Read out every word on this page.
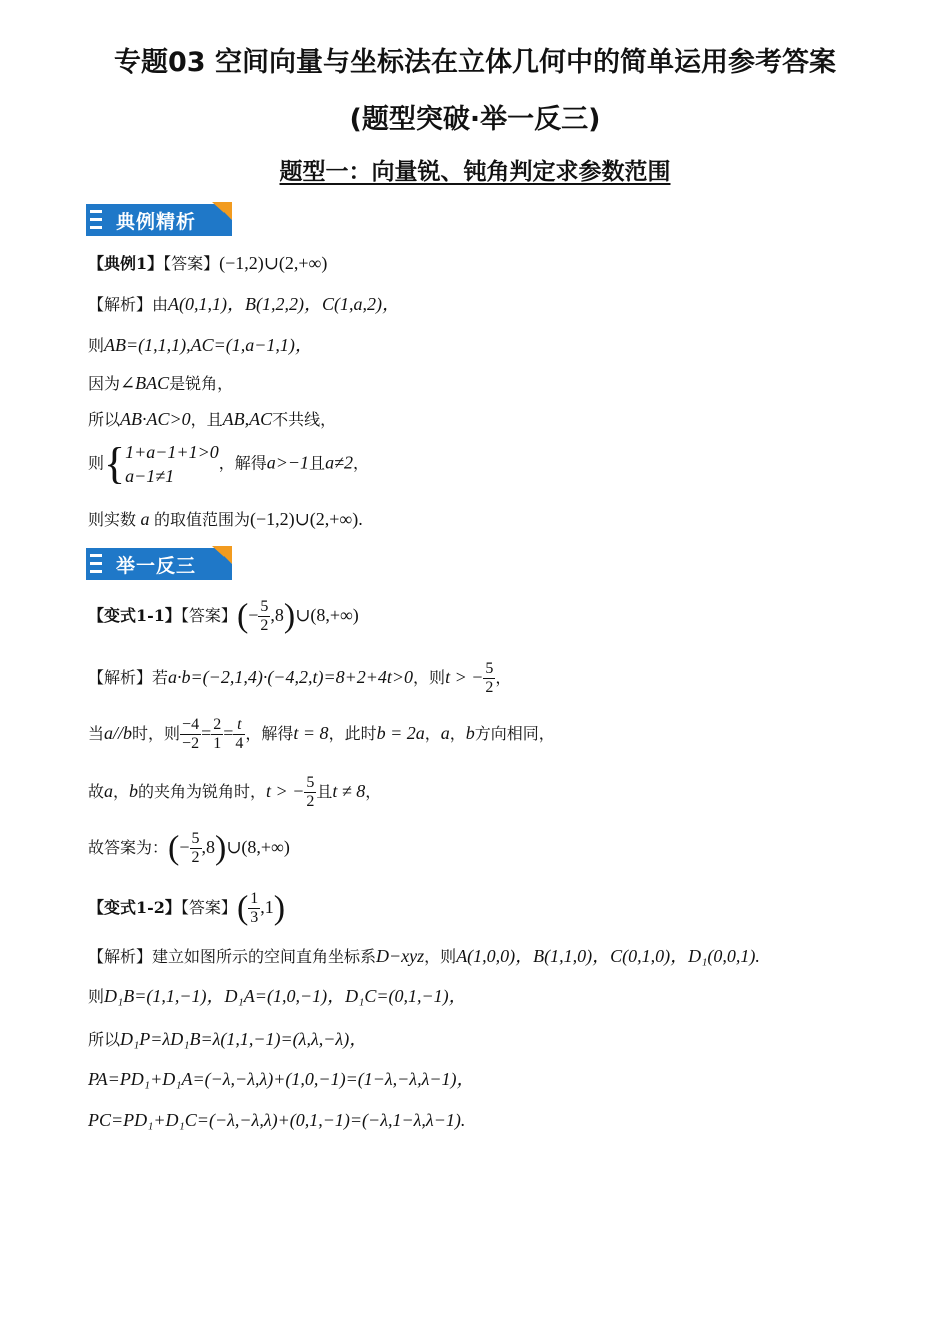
专题03 空间向量与坐标法在立体几何中的简单运用参考答案
(题型突破·举一反三)
题型一：向量锐、钝角判定求参数范围
典例精析
【典例1】【答案】(−1,2)∪(2,+∞)
【解析】由A(0,1,1)，B(1,2,2)，C(1,a,2)，
则AB=(1,1,1),AC=(1,a−1,1)，
因为∠BAC是锐角，
所以AB·AC>0，且AB,AC不共线，
则{ 1+a−1+1>0
a−1≠1
，解得a>−1且a≠2，
则实数 a 的取值范围为(−1,2)∪(2,+∞).
举一反三
【变式1-1】【答案】(− $\frac{5}{2}$ ,8)∪(8,+∞)
【解析】若a·b=(−2,1,4)·(−4,2,t)=8+2+4t>0，则t > − $\frac{5}{2}$ ，
当a//b时，则 $\frac{-4}{-2} = \frac{2}{1} = \frac{t}{4}$ ，解得t = 8，此时b = 2a，a，b方向相同，
故a，b的夹角为锐角时，t > − $\frac{5}{2}$ 且t ≠ 8，
故答案为：(− $\frac{5}{2}$ ,8)∪(8,+∞)
【变式1-2】【答案】( $\frac{1}{3} ,1$)
【解析】建立如图所示的空间直角坐标系D−xyz，则A(1,0,0)，B(1,1,0)，C(0,1,0)，D₁(0,0,1).
则D₁B=(1,1,−1)，D₁A=(1,0,−1)，D₁C=(0,1,−1)，
所以D₁P=λD₁B=λ(1,1,−1)=(λ,λ,−λ)，
PA=PD₁+D₁A=(−λ,−λ,λ)+(1,0,−1)=(1−λ,−λ,λ−1)，
PC=PD₁+D₁C=(−λ,−λ,λ)+(0,1,−1)=(−λ,1−λ,λ−1).
